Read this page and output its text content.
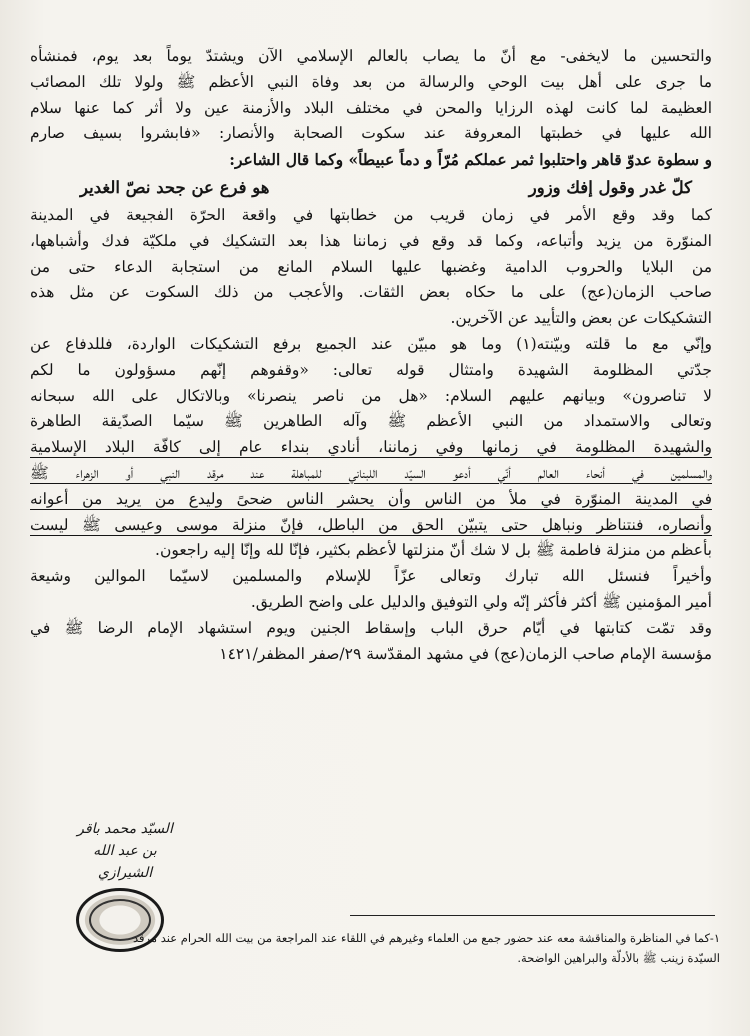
والتحسين ما لايخفى- مع أنّ ما يصاب بالعالم الإسلامي الآن ويشتدّ يوماً بعد يوم، فمنشأه
ما جرى على أهل بيت الوحي والرسالة من بعد وفاة النبي الأعظم ﷺ ولولا تلك المصائب
العظيمة لما كانت لهذه الرزايا والمحن في مختلف البلاد والأزمنة عين ولا أثر كما عنها سلام
الله عليها في خطبتها المعروفة عند سكوت الصحابة والأنصار: «فابشروا بسيف صارم
و سطوة عدوّ قاهر واحتلبوا ثمر عملكم مُرّاً و دماً عبيطاً» وكما قال الشاعر:
كلّ غدر وقول إفك وزور
هو فرع عن جحد نصّ الغدير
كما وقد وقع الأمر في زمان قريب من خطابتها في واقعة الحرّة الفجيعة في المدينة
المنوّرة من يزيد وأتباعه، وكما قد وقع في زماننا هذا بعد التشكيك في ملكيّة فدك وأشباهها،
من البلايا والحروب الدامية وغضبها عليها السلام المانع من استجابة الدعاء حتى من
صاحب الزمان(عج) على ما حكاه بعض الثقات. والأعجب من ذلك السكوت عن مثل هذه
التشكيكات عن بعض والتأييد عن الآخرين.
وإنّي مع ما قلته وبيّنته(١) وما هو مبيّن عند الجميع برفع التشكيكات الواردة، فللدفاع عن
جدّتي المظلومة الشهيدة وامتثال قوله تعالى: «وقفوهم إنّهم مسؤولون ما لكم
لا تناصرون» وبيانهم عليهم السلام: «هل من ناصر ينصرنا» وبالاتكال على الله سبحانه
وتعالى والاستمداد من النبي الأعظم ﷺ وآله الطاهرين ﷺ سيّما الصدّيقة الطاهرة
والشهيدة المظلومة في زمانها وفي زماننا، أنادي بنداء عام إلى كافّة البلاد الإسلامية
والمسلمين في أنحاء العالم أنّي أدعو السيّد اللبناني للمباهلة عند مرقد النبي أو الزهراء ﷺ
في المدينة المنوّرة في ملأ من الناس وأن يحشر الناس ضحىً وليدع من يريد من أعوانه
وأنصاره، فنتناظر ونباهل حتى يتبيّن الحق من الباطل، فإنّ منزلة موسى وعيسى ﷺ ليست
بأعظم من منزلة فاطمة ﷺ بل لا شك أنّ منزلتها لأعظم بكثير، فإنّا لله وإنّا إليه راجعون.
وأخيراً فنسئل الله تبارك وتعالى عزّاً للإسلام والمسلمين لاسيّما الموالين وشيعة
أمير المؤمنين ﷺ أكثر فأكثر إنّه ولي التوفيق والدليل على واضح الطريق.
وقد تمّت كتابتها في أيّام حرق الباب وإسقاط الجنين ويوم استشهاد الإمام الرضا ﷺ في
مؤسسة الإمام صاحب الزمان(عج) في مشهد المقدّسة ٢٩/صفر المظفر/١٤٢١
السيّد محمد باقر بن عبد الله
الشيرازي
١-كما في المناظرة والمناقشة معه عند حضور جمع من العلماء وغيرهم في اللقاء عند المراجعة من بيت الله الحرام عند مرقد
السيّدة زينب ﷺ بالأدلّة والبراهين الواضحة.
